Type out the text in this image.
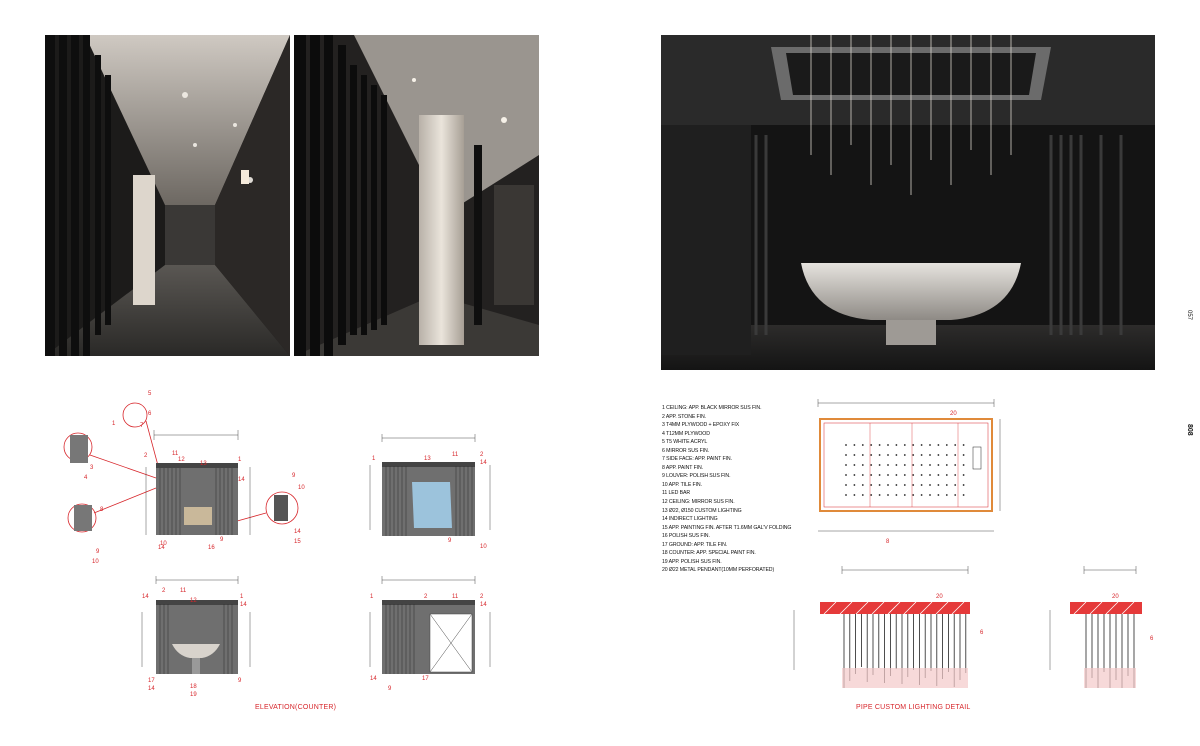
057
808
1 CEILING: APP. BLACK MIRROR SUS FIN.
2 APP. STONE FIN.
3 T4MM PLYWOOD + EPOXY FIX
4 T12MM PLYWOOD
5 T5 WHITE ACRYL
6 MIRROR SUS FIN.
7 SIDE FACE: APP. PAINT FIN.
8 APP. PAINT FIN.
9 LOUVER: POLISH SUS FIN.
10 APP. TILE FIN.
11 LED BAR
12 CEILING: MIRROR SUS FIN.
13 Ø22, Ø150 CUSTOM LIGHTING
14 INDIRECT LIGHTING
15 APP. PAINTING FIN. AFTER T1.6MM GAL'V FOLDING
16 POLISH SUS FIN.
17 GROUND: APP. TILE FIN.
18 COUNTER: APP. SPECIAL PAINT FIN.
19 APP. POLISH SUS FIN.
20 Ø22 METAL PENDANT(10MM PERFORATED)
5
6
1	7
11
12
13
1
2
3
4
8
9
10
10
16
9
14
15
14
14
10
9
1	13
11	2
14
9
10
14
2 11
12
1
14
17
14	18
19
9
1	2	11	2
14
14
9
17
20
8
20
6
20
6
ELEVATION(COUNTER)	PIPE CUSTOM LIGHTING DETAIL
